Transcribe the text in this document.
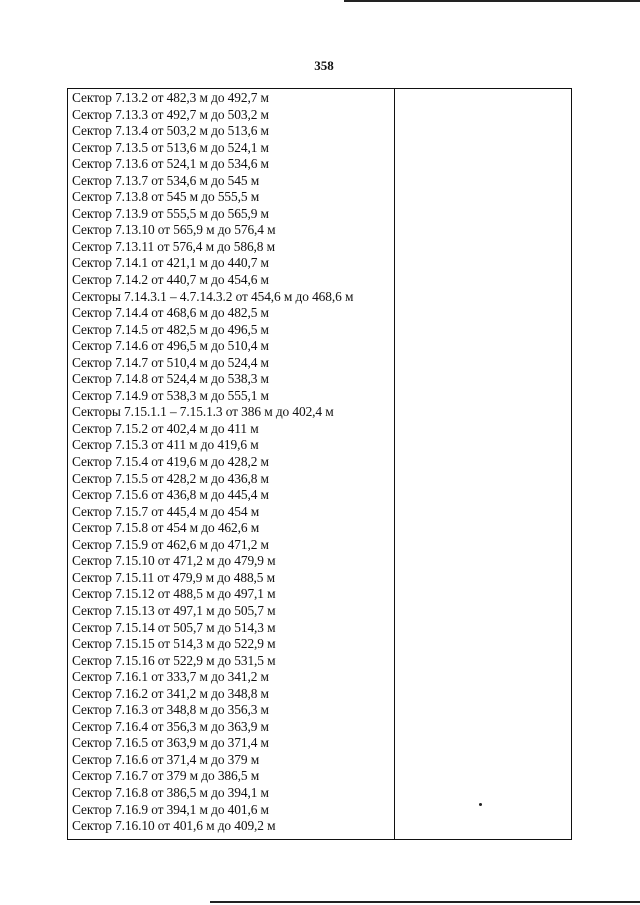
358
Сектор 7.13.2 от 482,3 м до 492,7 м
Сектор 7.13.3 от 492,7 м до 503,2 м
Сектор 7.13.4 от 503,2 м до 513,6 м
Сектор 7.13.5 от 513,6 м до 524,1 м
Сектор 7.13.6 от 524,1 м до 534,6 м
Сектор 7.13.7 от 534,6 м до 545 м
Сектор 7.13.8 от 545 м до 555,5 м
Сектор 7.13.9 от 555,5 м до 565,9 м
Сектор 7.13.10 от 565,9 м до 576,4 м
Сектор 7.13.11 от 576,4 м до 586,8 м
Сектор 7.14.1 от 421,1 м до 440,7 м
Сектор 7.14.2 от 440,7 м до 454,6 м
Секторы 7.14.3.1 – 4.7.14.3.2 от 454,6 м до 468,6 м
Сектор 7.14.4 от 468,6 м до 482,5 м
Сектор 7.14.5 от 482,5 м до 496,5 м
Сектор 7.14.6 от 496,5 м до 510,4 м
Сектор 7.14.7 от 510,4 м до 524,4 м
Сектор 7.14.8 от 524,4 м до 538,3 м
Сектор 7.14.9 от 538,3 м до 555,1 м
Секторы 7.15.1.1 – 7.15.1.3 от 386 м до 402,4 м
Сектор 7.15.2 от 402,4 м до 411 м
Сектор 7.15.3 от 411 м до 419,6 м
Сектор 7.15.4 от 419,6 м до 428,2 м
Сектор 7.15.5 от 428,2 м до 436,8 м
Сектор 7.15.6 от 436,8 м до 445,4 м
Сектор 7.15.7 от 445,4 м до 454 м
Сектор 7.15.8 от 454 м до 462,6 м
Сектор 7.15.9 от 462,6 м до 471,2 м
Сектор 7.15.10 от 471,2 м до 479,9 м
Сектор 7.15.11 от 479,9 м до 488,5 м
Сектор 7.15.12 от 488,5 м до 497,1 м
Сектор 7.15.13 от 497,1 м до 505,7 м
Сектор 7.15.14 от 505,7 м до 514,3 м
Сектор 7.15.15 от 514,3 м до 522,9 м
Сектор 7.15.16 от 522,9 м до 531,5 м
Сектор 7.16.1 от 333,7 м до 341,2 м
Сектор 7.16.2 от 341,2 м до 348,8 м
Сектор 7.16.3 от 348,8 м до 356,3 м
Сектор 7.16.4 от 356,3 м до 363,9 м
Сектор 7.16.5 от 363,9 м до 371,4 м
Сектор 7.16.6 от 371,4 м до 379 м
Сектор 7.16.7 от 379 м до 386,5 м
Сектор 7.16.8 от 386,5 м до 394,1 м
Сектор 7.16.9 от 394,1 м до 401,6 м
Сектор 7.16.10 от 401,6 м до 409,2 м
